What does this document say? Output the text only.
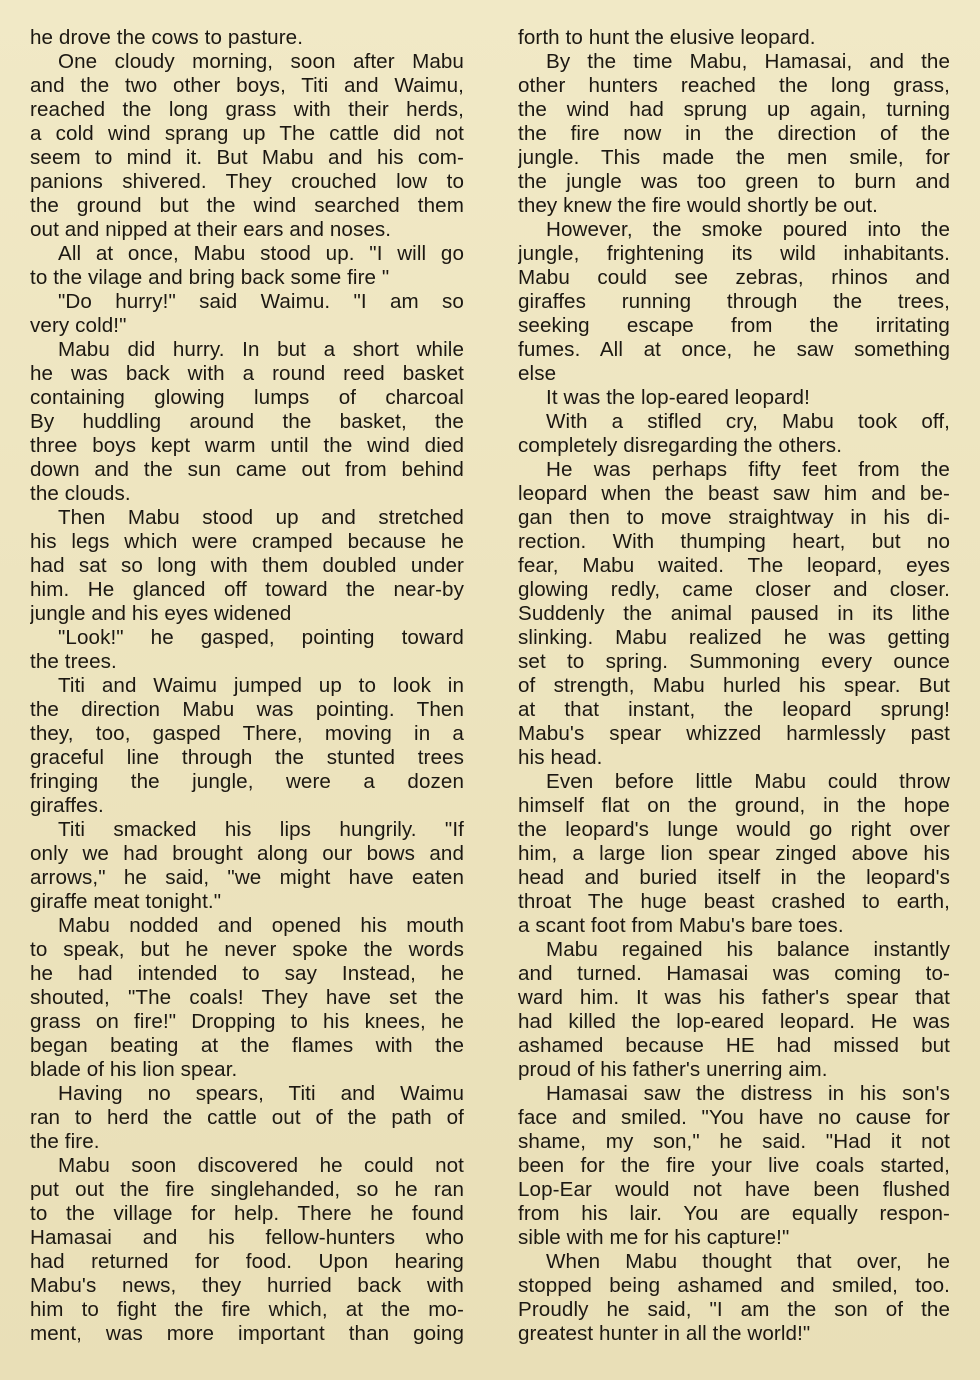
he drove the cows to pasture.
One cloudy morning, soon after Mabu
and the two other boys, Titi and Waimu,
reached the long grass with their herds,
a cold wind sprang up The cattle did not
seem to mind it. But Mabu and his com-
panions shivered. They crouched low to
the ground but the wind searched them
out and nipped at their ears and noses.
All at once, Mabu stood up. "I will go
to the vilage and bring back some fire "
"Do hurry!" said Waimu. "I am so
very cold!"
Mabu did hurry. In but a short while
he was back with a round reed basket
containing glowing lumps of charcoal
By huddling around the basket, the
three boys kept warm until the wind died
down and the sun came out from behind
the clouds.
Then Mabu stood up and stretched
his legs which were cramped because he
had sat so long with them doubled under
him. He glanced off toward the near-by
jungle and his eyes widened
"Look!" he gasped, pointing toward
the trees.
Titi and Waimu jumped up to look in
the direction Mabu was pointing. Then
they, too, gasped There, moving in a
graceful line through the stunted trees
fringing the jungle, were a dozen
giraffes.
Titi smacked his lips hungrily. "If
only we had brought along our bows and
arrows," he said, "we might have eaten
giraffe meat tonight."
Mabu nodded and opened his mouth
to speak, but he never spoke the words
he had intended to say Instead, he
shouted, "The coals! They have set the
grass on fire!" Dropping to his knees, he
began beating at the flames with the
blade of his lion spear.
Having no spears, Titi and Waimu
ran to herd the cattle out of the path of
the fire.
Mabu soon discovered he could not
put out the fire singlehanded, so he ran
to the village for help. There he found
Hamasai and his fellow-hunters who
had returned for food. Upon hearing
Mabu's news, they hurried back with
him to fight the fire which, at the mo-
ment, was more important than going
forth to hunt the elusive leopard.
By the time Mabu, Hamasai, and the
other hunters reached the long grass,
the wind had sprung up again, turning
the fire now in the direction of the
jungle. This made the men smile, for
the jungle was too green to burn and
they knew the fire would shortly be out.
However, the smoke poured into the
jungle, frightening its wild inhabitants.
Mabu could see zebras, rhinos and
giraffes running through the trees,
seeking escape from the irritating
fumes. All at once, he saw something
else
It was the lop-eared leopard!
With a stifled cry, Mabu took off,
completely disregarding the others.
He was perhaps fifty feet from the
leopard when the beast saw him and be-
gan then to move straightway in his di-
rection. With thumping heart, but no
fear, Mabu waited. The leopard, eyes
glowing redly, came closer and closer.
Suddenly the animal paused in its lithe
slinking. Mabu realized he was getting
set to spring. Summoning every ounce
of strength, Mabu hurled his spear. But
at that instant, the leopard sprung!
Mabu's spear whizzed harmlessly past
his head.
Even before little Mabu could throw
himself flat on the ground, in the hope
the leopard's lunge would go right over
him, a large lion spear zinged above his
head and buried itself in the leopard's
throat The huge beast crashed to earth,
a scant foot from Mabu's bare toes.
Mabu regained his balance instantly
and turned. Hamasai was coming to-
ward him. It was his father's spear that
had killed the lop-eared leopard. He was
ashamed because HE had missed but
proud of his father's unerring aim.
Hamasai saw the distress in his son's
face and smiled. "You have no cause for
shame, my son," he said. "Had it not
been for the fire your live coals started,
Lop-Ear would not have been flushed
from his lair. You are equally respon-
sible with me for his capture!"
When Mabu thought that over, he
stopped being ashamed and smiled, too.
Proudly he said, "I am the son of the
greatest hunter in all the world!"
